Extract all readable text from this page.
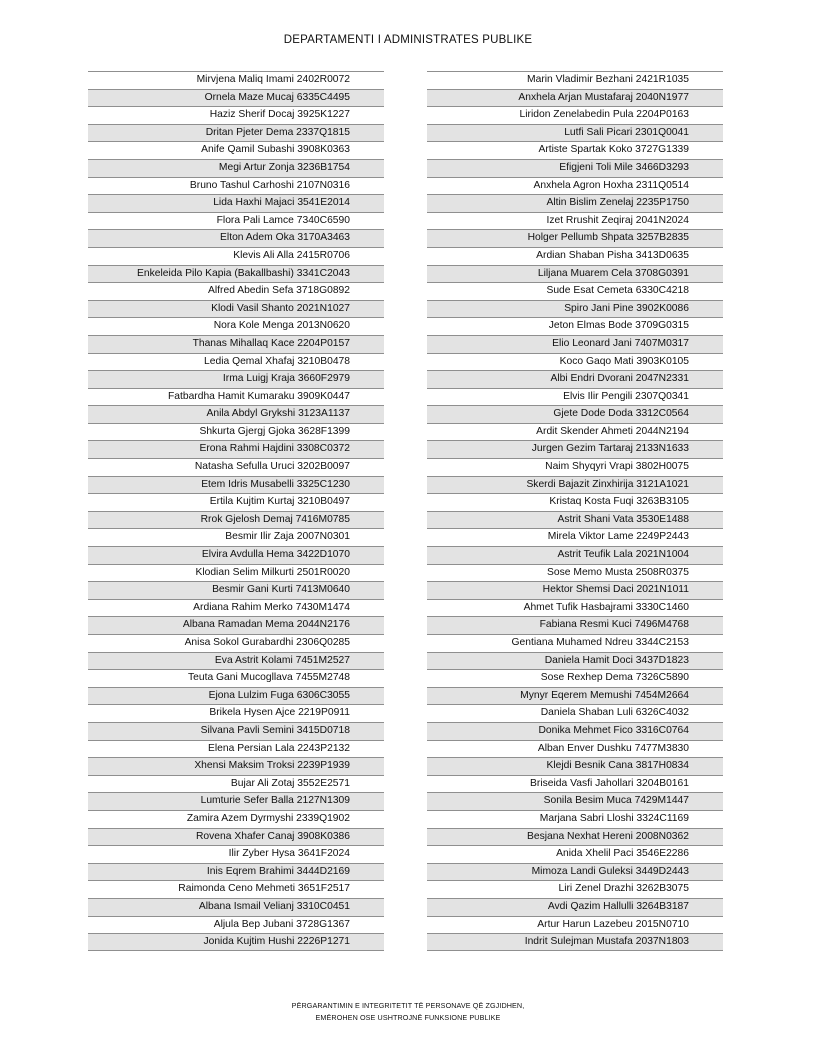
DEPARTAMENTI I ADMINISTRATES PUBLIKE
Mirvjena Maliq Imami 2402R0072
Ornela Maze Mucaj 6335C4495
Haziz Sherif Docaj 3925K1227
Dritan Pjeter Dema 2337Q1815
Anife Qamil Subashi 3908K0363
Megi Artur Zonja 3236B1754
Bruno Tashul Carhoshi 2107N0316
Lida Haxhi Majaci 3541E2014
Flora Pali Lamce 7340C6590
Elton Adem Oka 3170A3463
Klevis Ali Alla 2415R0706
Enkeleida Pilo Kapia (Bakallbashi) 3341C2043
Alfred Abedin Sefa 3718G0892
Klodi Vasil Shanto 2021N1027
Nora Kole Menga 2013N0620
Thanas Mihallaq Kace 2204P0157
Ledia Qemal Xhafaj 3210B0478
Irma Luigj Kraja 3660F2979
Fatbardha Hamit Kumaraku 3909K0447
Anila Abdyl Grykshi 3123A1137
Shkurta Gjergj Gjoka 3628F1399
Erona Rahmi Hajdini 3308C0372
Natasha Sefulla Uruci 3202B0097
Etem Idris Musabelli 3325C1230
Ertila Kujtim Kurtaj 3210B0497
Rrok Gjelosh Demaj 7416M0785
Besmir Ilir Zaja 2007N0301
Elvira Avdulla Hema 3422D1070
Klodian Selim Milkurti 2501R0020
Besmir Gani Kurti 7413M0640
Ardiana Rahim Merko 7430M1474
Albana Ramadan Mema 2044N2176
Anisa Sokol Gurabardhi 2306Q0285
Eva Astrit Kolami 7451M2527
Teuta Gani Mucogllava 7455M2748
Ejona Lulzim Fuga 6306C3055
Brikela Hysen Ajce 2219P0911
Silvana Pavli Semini 3415D0718
Elena Persian Lala 2243P2132
Xhensi Maksim Troksi 2239P1939
Bujar Ali Zotaj 3552E2571
Lumturie Sefer Balla 2127N1309
Zamira Azem Dyrmyshi 2339Q1902
Rovena Xhafer Canaj 3908K0386
Ilir Zyber Hysa 3641F2024
Inis Eqrem Brahimi 3444D2169
Raimonda Ceno Mehmeti 3651F2517
Albana Ismail Velianj 3310C0451
Aljula Bep Jubani 3728G1367
Jonida Kujtim Hushi 2226P1271
Marin Vladimir Bezhani 2421R1035
Anxhela Arjan Mustafaraj 2040N1977
Liridon Zenelabedin Pula 2204P0163
Lutfi Sali Picari 2301Q0041
Artiste Spartak Koko 3727G1339
Efigjeni Toli Mile 3466D3293
Anxhela Agron Hoxha 2311Q0514
Altin Bislim Zenelaj 2235P1750
Izet Rrushit Zeqiraj 2041N2024
Holger Pellumb Shpata 3257B2835
Ardian Shaban Pisha 3413D0635
Liljana Muarem Cela 3708G0391
Sude Esat Cemeta 6330C4218
Spiro Jani Pine 3902K0086
Jeton Elmas Bode 3709G0315
Elio Leonard Jani 7407M0317
Koco Gaqo Mati 3903K0105
Albi Endri Dvorani 2047N2331
Elvis Ilir Pengili 2307Q0341
Gjete Dode Doda 3312C0564
Ardit Skender Ahmeti 2044N2194
Jurgen Gezim Tartaraj 2133N1633
Naim Shyqyri Vrapi 3802H0075
Skerdi Bajazit Zinxhirija 3121A1021
Kristaq Kosta Fuqi 3263B3105
Astrit Shani Vata 3530E1488
Mirela Viktor Lame 2249P2443
Astrit Teufik Lala 2021N1004
Sose Memo Musta 2508R0375
Hektor Shemsi Daci 2021N1011
Ahmet Tufik Hasbajrami 3330C1460
Fabiana Resmi Kuci 7496M4768
Gentiana Muhamed Ndreu 3344C2153
Daniela Hamit Doci 3437D1823
Sose Rexhep Dema 7326C5890
Mynyr Eqerem Memushi 7454M2664
Daniela Shaban Luli 6326C4032
Donika Mehmet Fico 3316C0764
Alban Enver Dushku 7477M3830
Klejdi Besnik Cana 3817H0834
Briseida Vasfi Jahollari 3204B0161
Sonila Besim Muca 7429M1447
Marjana Sabri Lloshi 3324C1169
Besjana Nexhat Hereni 2008N0362
Anida Xhelil Paci 3546E2286
Mimoza Landi Guleksi 3449D2443
Liri Zenel Drazhi 3262B3075
Avdi Qazim Hallulli 3264B3187
Artur Harun Lazebeu 2015N0710
Indrit Sulejman Mustafa 2037N1803
PËRGARANTIMIN E INTEGRITETIT TË PERSONAVE QË ZGJIDHEN,
EMËROHEN OSE USHTROJNË FUNKSIONE PUBLIKE
